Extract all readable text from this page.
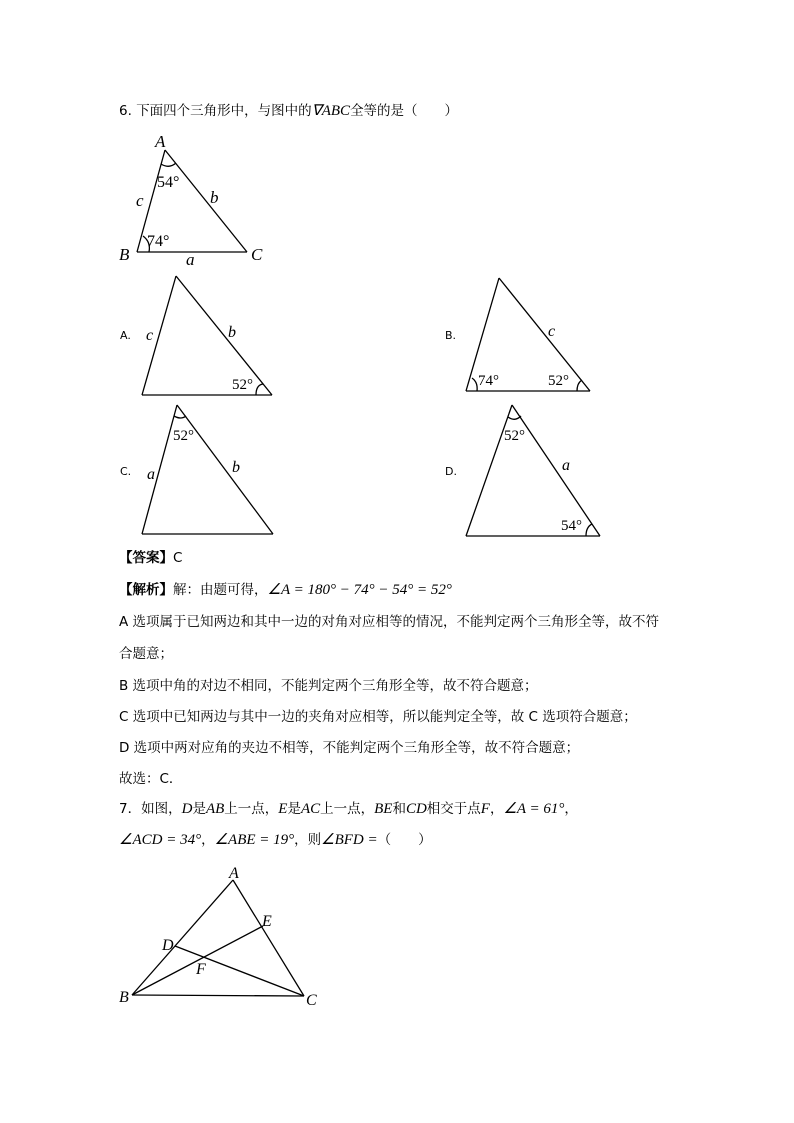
6. 下面四个三角形中，与图中的∇ABC全等的是（　　）
A
B	C
a
b
c
54°
74°
A. c	b
52°
B.	c
74°	52°
C. a	b
52°
D.	a
52°
54°
【答案】C
【解析】解：由题可得，∠A = 180° − 74° − 54° = 52°
A 选项属于已知两边和其中一边的对角对应相等的情况，不能判定两个三角形全等，故不符
合题意；
B 选项中角的对边不相同，不能判定两个三角形全等，故不符合题意；
C 选项中已知两边与其中一边的夹角对应相等，所以能判定全等，故 C 选项符合题意；
D 选项中两对应角的夹边不相等，不能判定两个三角形全等，故不符合题意；
故选：C．
7．如图，D是AB上一点，E是AC上一点，BE和CD相交于点F，∠A = 61°，
∠ACD = 34°，∠ABE = 19°，则∠BFD =（　　）
A
B	C
D
E
F
